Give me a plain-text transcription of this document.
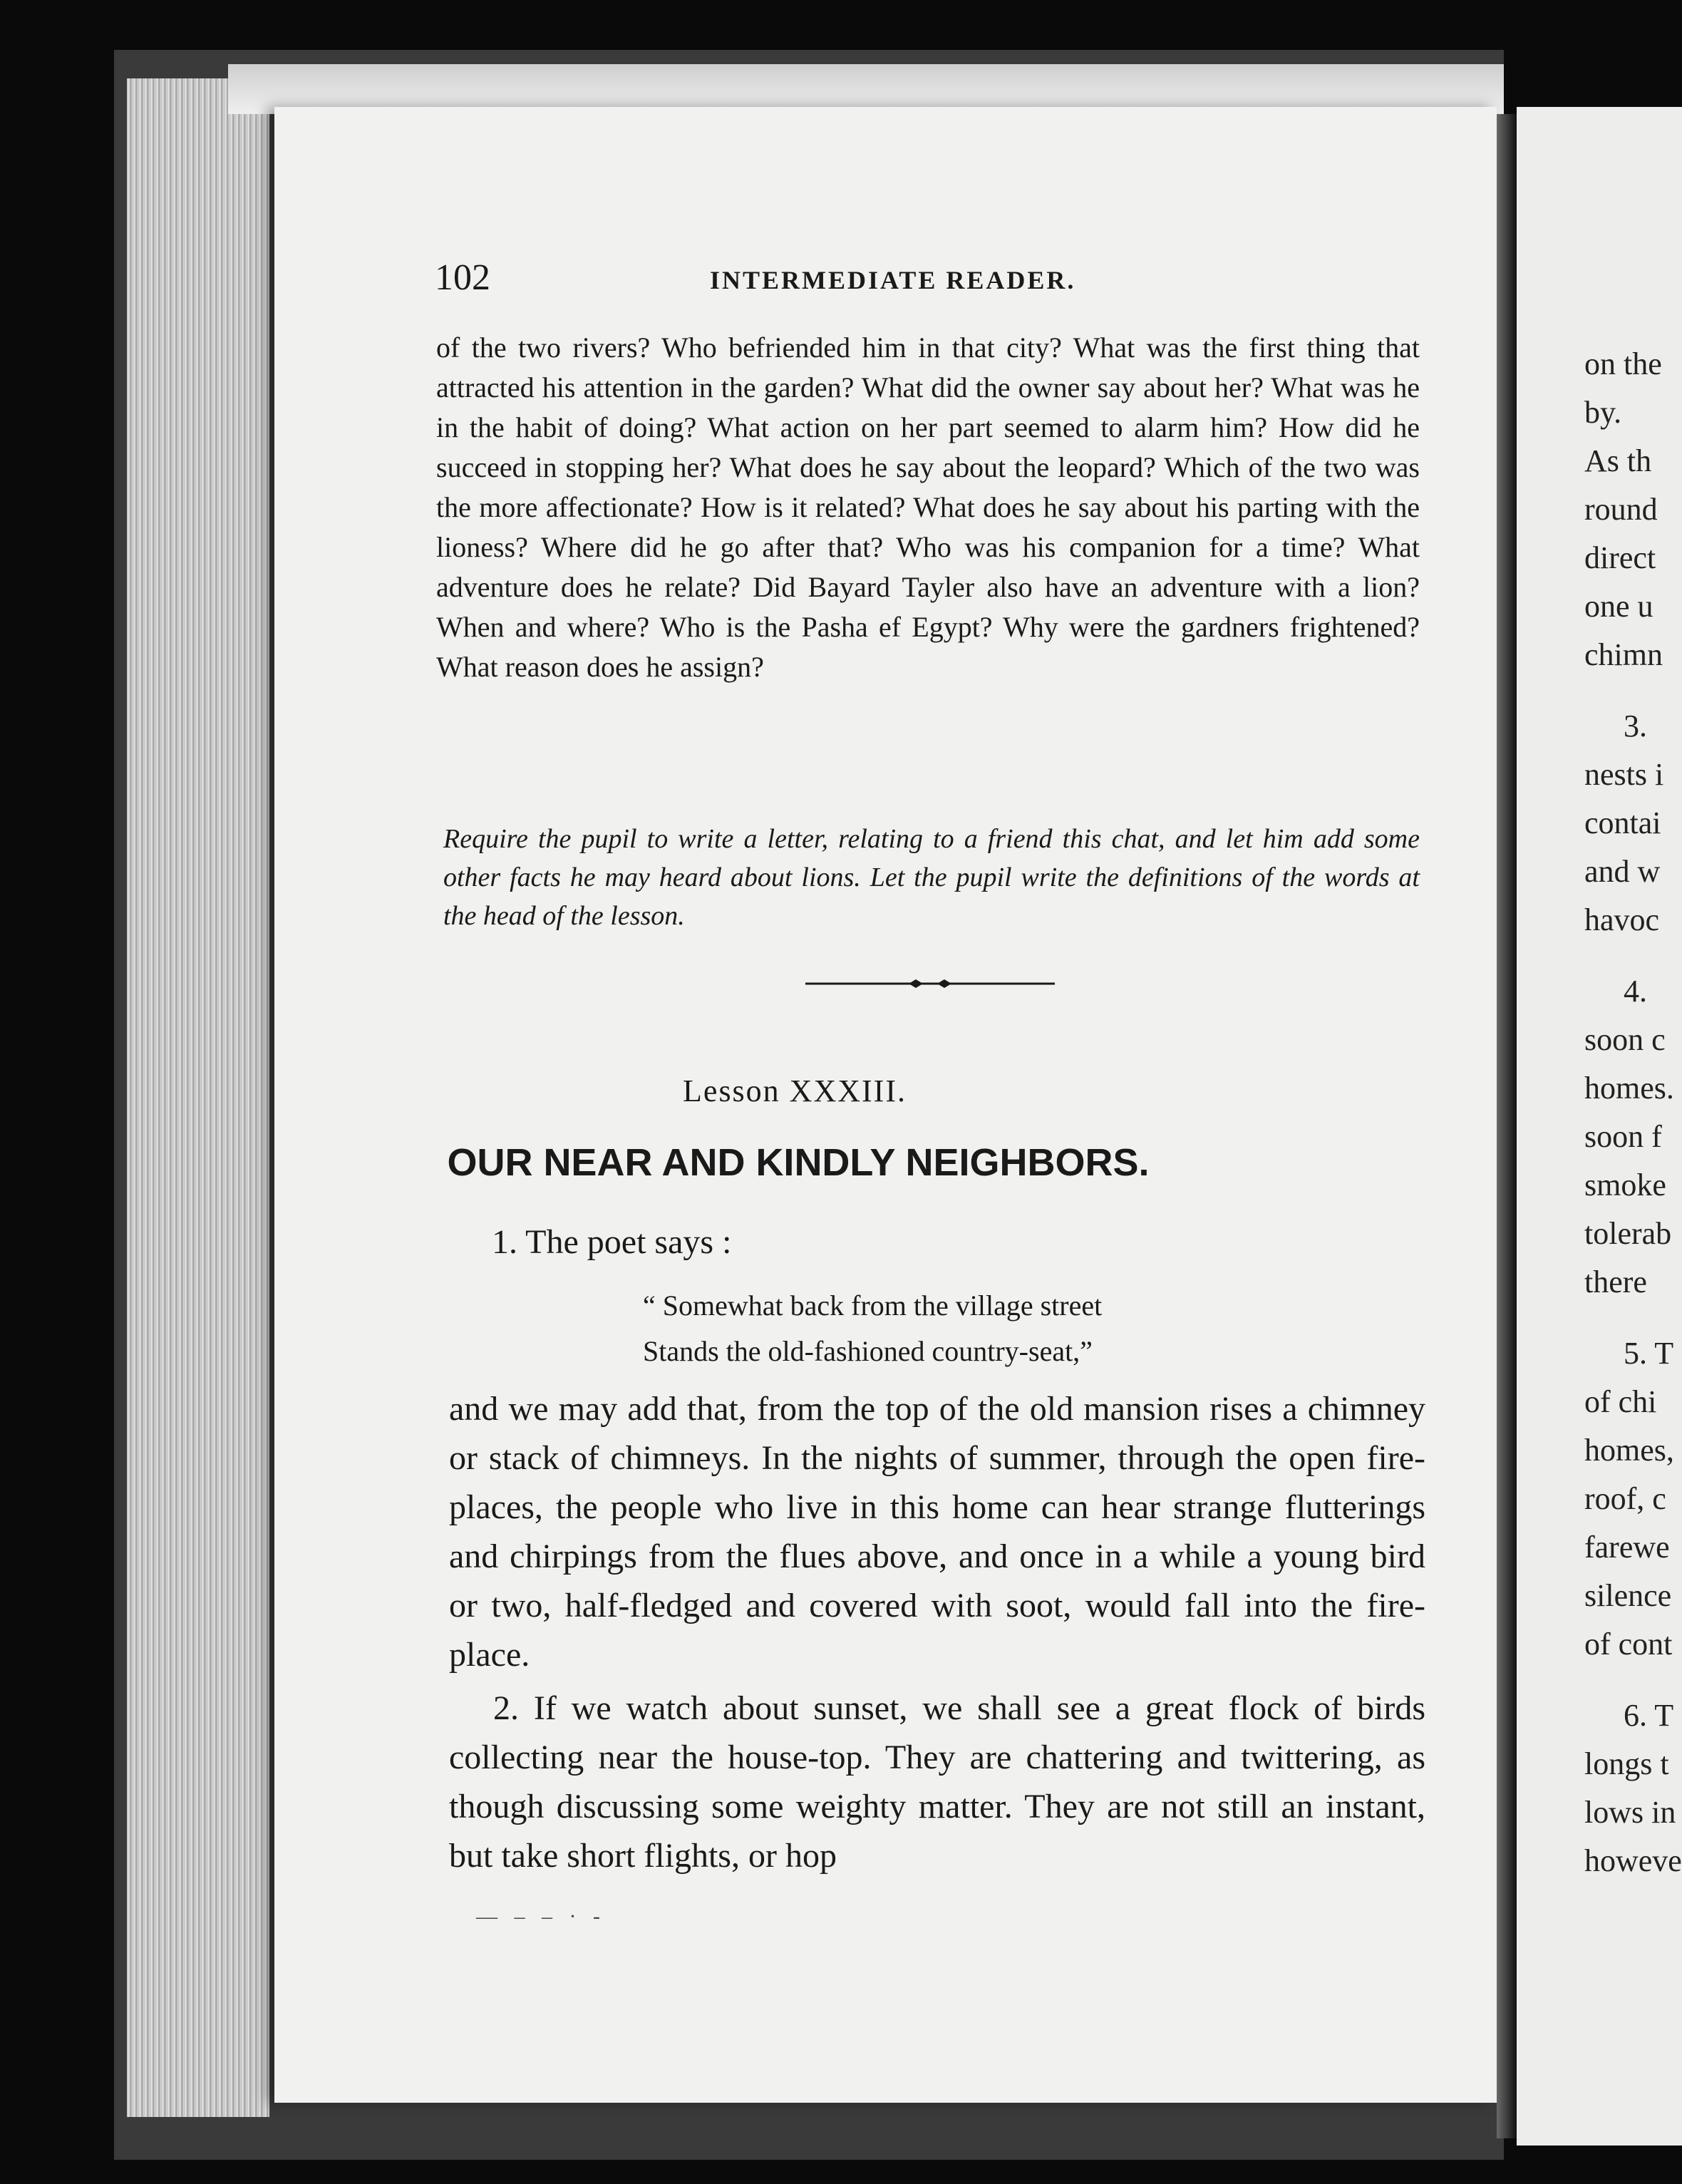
on the
by.
As th
round
direct
one u
chimn
3.
nests i
contai
and w
havoc
4.
soon c
homes.
soon f
smoke
tolerab
there
5. T
of chi
homes,
roof, c
farewe
silence
of cont
6. T
longs t
lows in
howeve
102	INTERMEDIATE READER.

of the two rivers? Who befriended him in that city? What was the first thing that attracted his attention in the garden? What did the owner say about her? What was he in the habit of doing? What action on her part seemed to alarm him? How did he succeed in stopping her? What does he say about the leopard? Which of the two was the more affectionate? How is it related? What does he say about his parting with the lioness? Where did he go after that? Who was his companion for a time? What adventure does he relate? Did Bayard Tayler also have an adventure with a lion? When and where? Who is the Pasha ef Egypt? Why were the gardners frightened? What reason does he assign?

Require the pupil to write a letter, relating to a friend this chat, and let him add some other facts he may heard about lions. Let the pupil write the definitions of the words at the head of the lesson.

Lesson XXXIII.
OUR NEAR AND KINDLY NEIGHBORS.
1. The poet says :
“ Somewhat back from the village street
Stands the old-fashioned country-seat,”

and we may add that, from the top of the old mansion rises a chimney or stack of chimneys. In the nights of summer, through the open fire-places, the people who live in this home can hear strange flutterings and chirpings from the flues above, and once in a while a young bird or two, half-fledged and covered with soot, would fall into the fire-place.

2. If we watch about sunset, we shall see a great flock of birds collecting near the house-top. They are chattering and twittering, as though discussing some weighty matter. They are not still an instant, but take short flights, or hop

— – – · -
